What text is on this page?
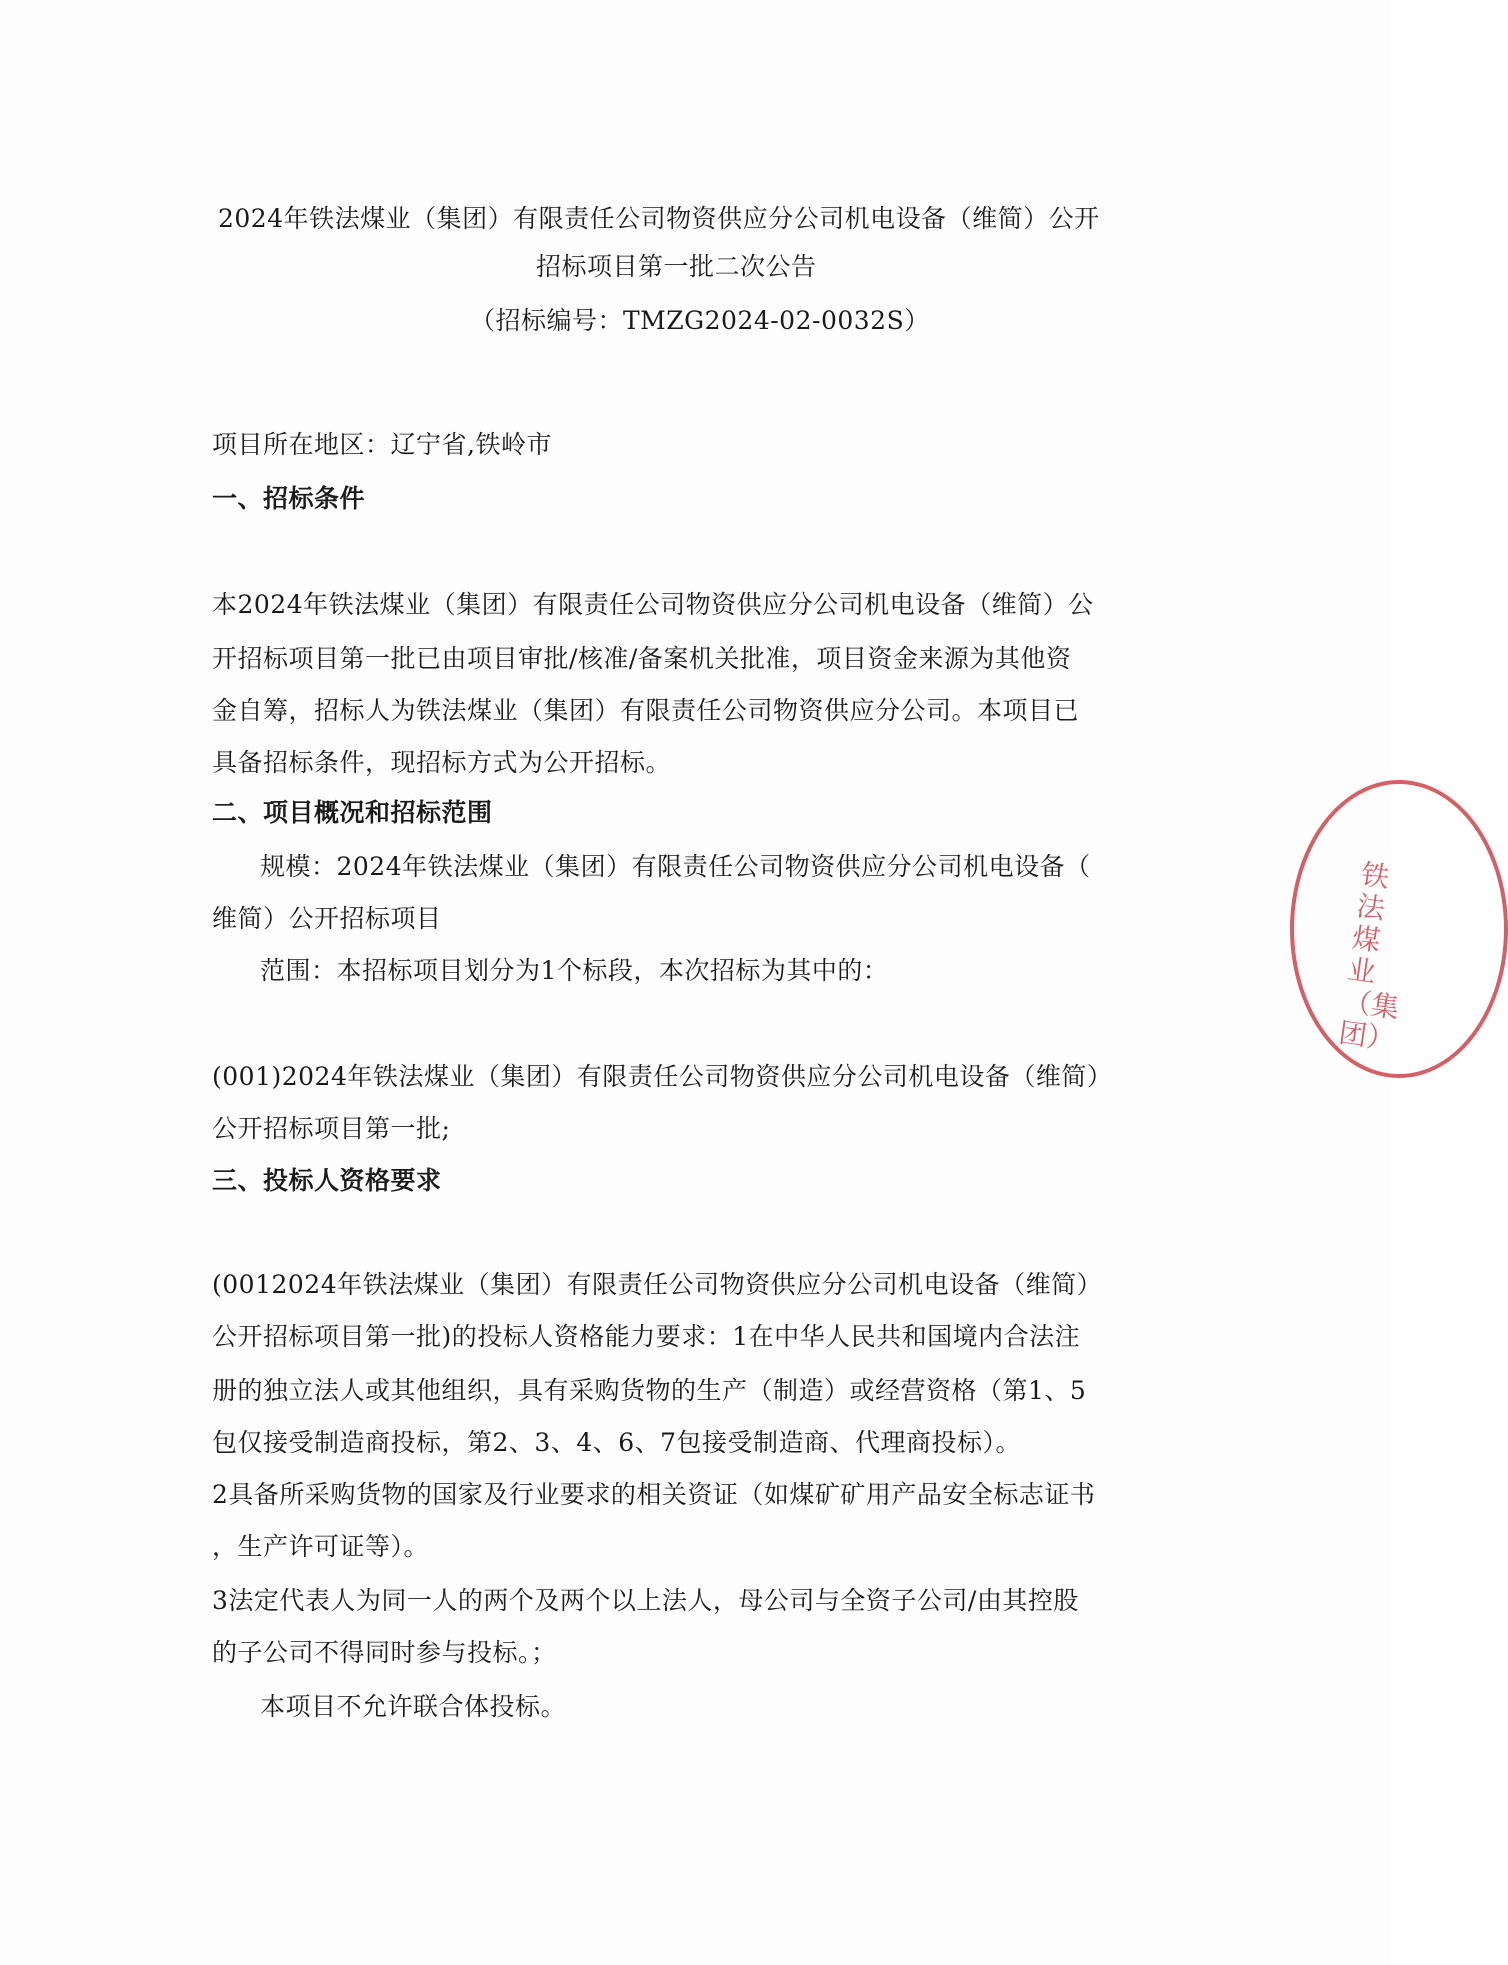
2024年铁法煤业（集团）有限责任公司物资供应分公司机电设备（维简）公开
招标项目第一批二次公告
（招标编号：TMZG2024-02-0032S）
项目所在地区：辽宁省,铁岭市
一、招标条件
本2024年铁法煤业（集团）有限责任公司物资供应分公司机电设备（维简）公
开招标项目第一批已由项目审批/核准/备案机关批准，项目资金来源为其他资
金自筹，招标人为铁法煤业（集团）有限责任公司物资供应分公司。本项目已
具备招标条件，现招标方式为公开招标。
二、项目概况和招标范围
规模：2024年铁法煤业（集团）有限责任公司物资供应分公司机电设备（
维简）公开招标项目
范围：本招标项目划分为1个标段，本次招标为其中的：
(001)2024年铁法煤业（集团）有限责任公司物资供应分公司机电设备（维简）
公开招标项目第一批;
三、投标人资格要求
(0012024年铁法煤业（集团）有限责任公司物资供应分公司机电设备（维简）
公开招标项目第一批)的投标人资格能力要求：1在中华人民共和国境内合法注
册的独立法人或其他组织，具有采购货物的生产（制造）或经营资格（第1、5
包仅接受制造商投标，第2、3、4、6、7包接受制造商、代理商投标）。
2具备所采购货物的国家及行业要求的相关资证（如煤矿矿用产品安全标志证书
，生产许可证等）。
3法定代表人为同一人的两个及两个以上法人，母公司与全资子公司/由其控股
的子公司不得同时参与投标。；
本项目不允许联合体投标。
铁法煤业（集团）
